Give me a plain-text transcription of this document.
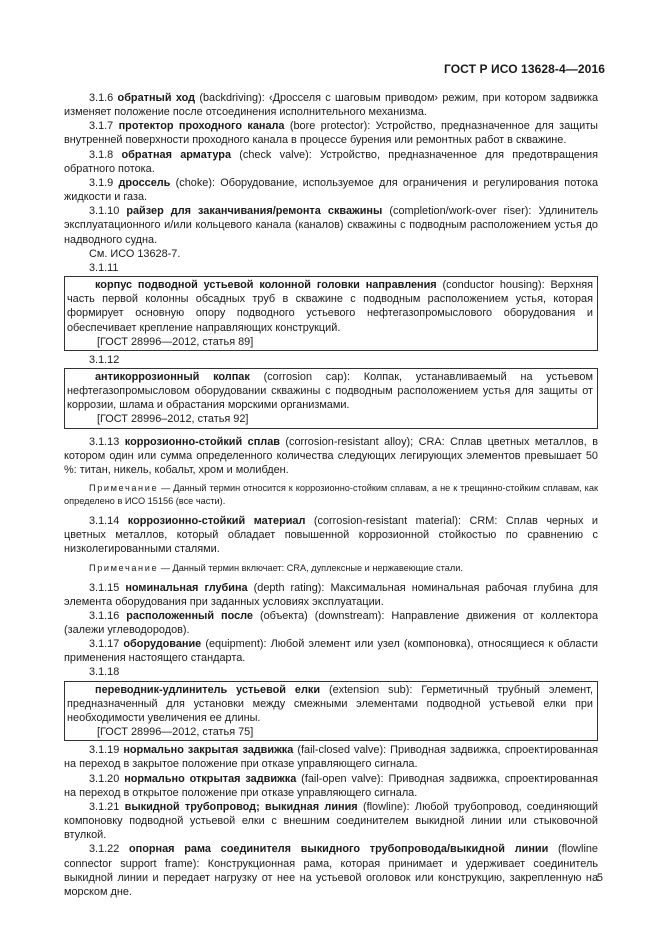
ГОСТ Р ИСО 13628-4—2016

3.1.6 обратный ход (backdriving): ‹Дросселя с шаговым приводом› режим, при котором задвижка изменяет положение после отсоединения исполнительного механизма.

3.1.7 протектор проходного канала (bore protector): Устройство, предназначенное для защиты внутренней поверхности проходного канала в процессе бурения или ремонтных работ в скважине.

3.1.8 обратная арматура (check valve): Устройство, предназначенное для предотвращения обратного потока.

3.1.9 дроссель (choke): Оборудование, используемое для ограничения и регулирования потока жидкости и газа.

3.1.10 райзер для заканчивания/ремонта скважины (completion/work-over riser): Удлинитель эксплуатационного и/или кольцевого канала (каналов) скважины с подводным расположением устья до надводного судна.

См. ИСО 13628-7.

3.1.11

корпус подводной устьевой колонной головки направления (conductor housing): Верхняя часть первой колонны обсадных труб в скважине с подводным расположением устья, которая формирует основную опору подводного устьевого нефтегазопромыслового оборудования и обеспечивает крепление направляющих конструкций.

[ГОСТ 28996—2012, статья 89]

3.1.12

антикоррозионный колпак (corrosion cap): Колпак, устанавливаемый на устьевом нефтегазопромысловом оборудовании скважины с подводным расположением устья для защиты от коррозии, шлама и обрастания морскими организмами.

[ГОСТ 28996–2012, статья 92]

3.1.13 коррозионно-стойкий сплав (corrosion-resistant alloy); CRA: Сплав цветных металлов, в котором один или сумма определенного количества следующих легирующих элементов превышает 50 %: титан, никель, кобальт, хром и молибден.

Примечание — Данный термин относится к коррозионно-стойким сплавам, а не к трещинно-стойким сплавам, как определено в ИСО 15156 (все части).

3.1.14 коррозионно-стойкий материал (corrosion-resistant material): CRM: Сплав черных и цветных металлов, который обладает повышенной коррозионной стойкостью по сравнению с низколегированными сталями.

Примечание — Данный термин включает: CRA, дуплексные и нержавеющие стали.

3.1.15 номинальная глубина (depth rating): Максимальная номинальная рабочая глубина для элемента оборудования при заданных условиях эксплуатации.

3.1.16 расположенный после (объекта) (downstream): Направление движения от коллектора (залежи углеводородов).

3.1.17 оборудование (equipment): Любой элемент или узел (компоновка), относящиеся к области применения настоящего стандарта.

3.1.18

переводник-удлинитель устьевой елки (extension sub): Герметичный трубный элемент, предназначенный для установки между смежными элементами подводной устьевой елки при необходимости увеличения ее длины.

[ГОСТ 28996—2012, статья 75]

3.1.19 нормально закрытая задвижка (fail-closed valve): Приводная задвижка, спроектированная на переход в закрытое положение при отказе управляющего сигнала.

3.1.20 нормально открытая задвижка (fail-open valve): Приводная задвижка, спроектированная на переход в открытое положение при отказе управляющего сигнала.

3.1.21 выкидной трубопровод; выкидная линия (flowline): Любой трубопровод, соединяющий компоновку подводной устьевой елки с внешним соединителем выкидной линии или стыковочной втулкой.

3.1.22 опорная рама соединителя выкидного трубопровода/выкидной линии (flowline connector support frame): Конструкционная рама, которая принимает и удерживает соединитель выкидной линии и передает нагрузку от нее на устьевой оголовок или конструкцию, закрепленную на морском дне.

5
